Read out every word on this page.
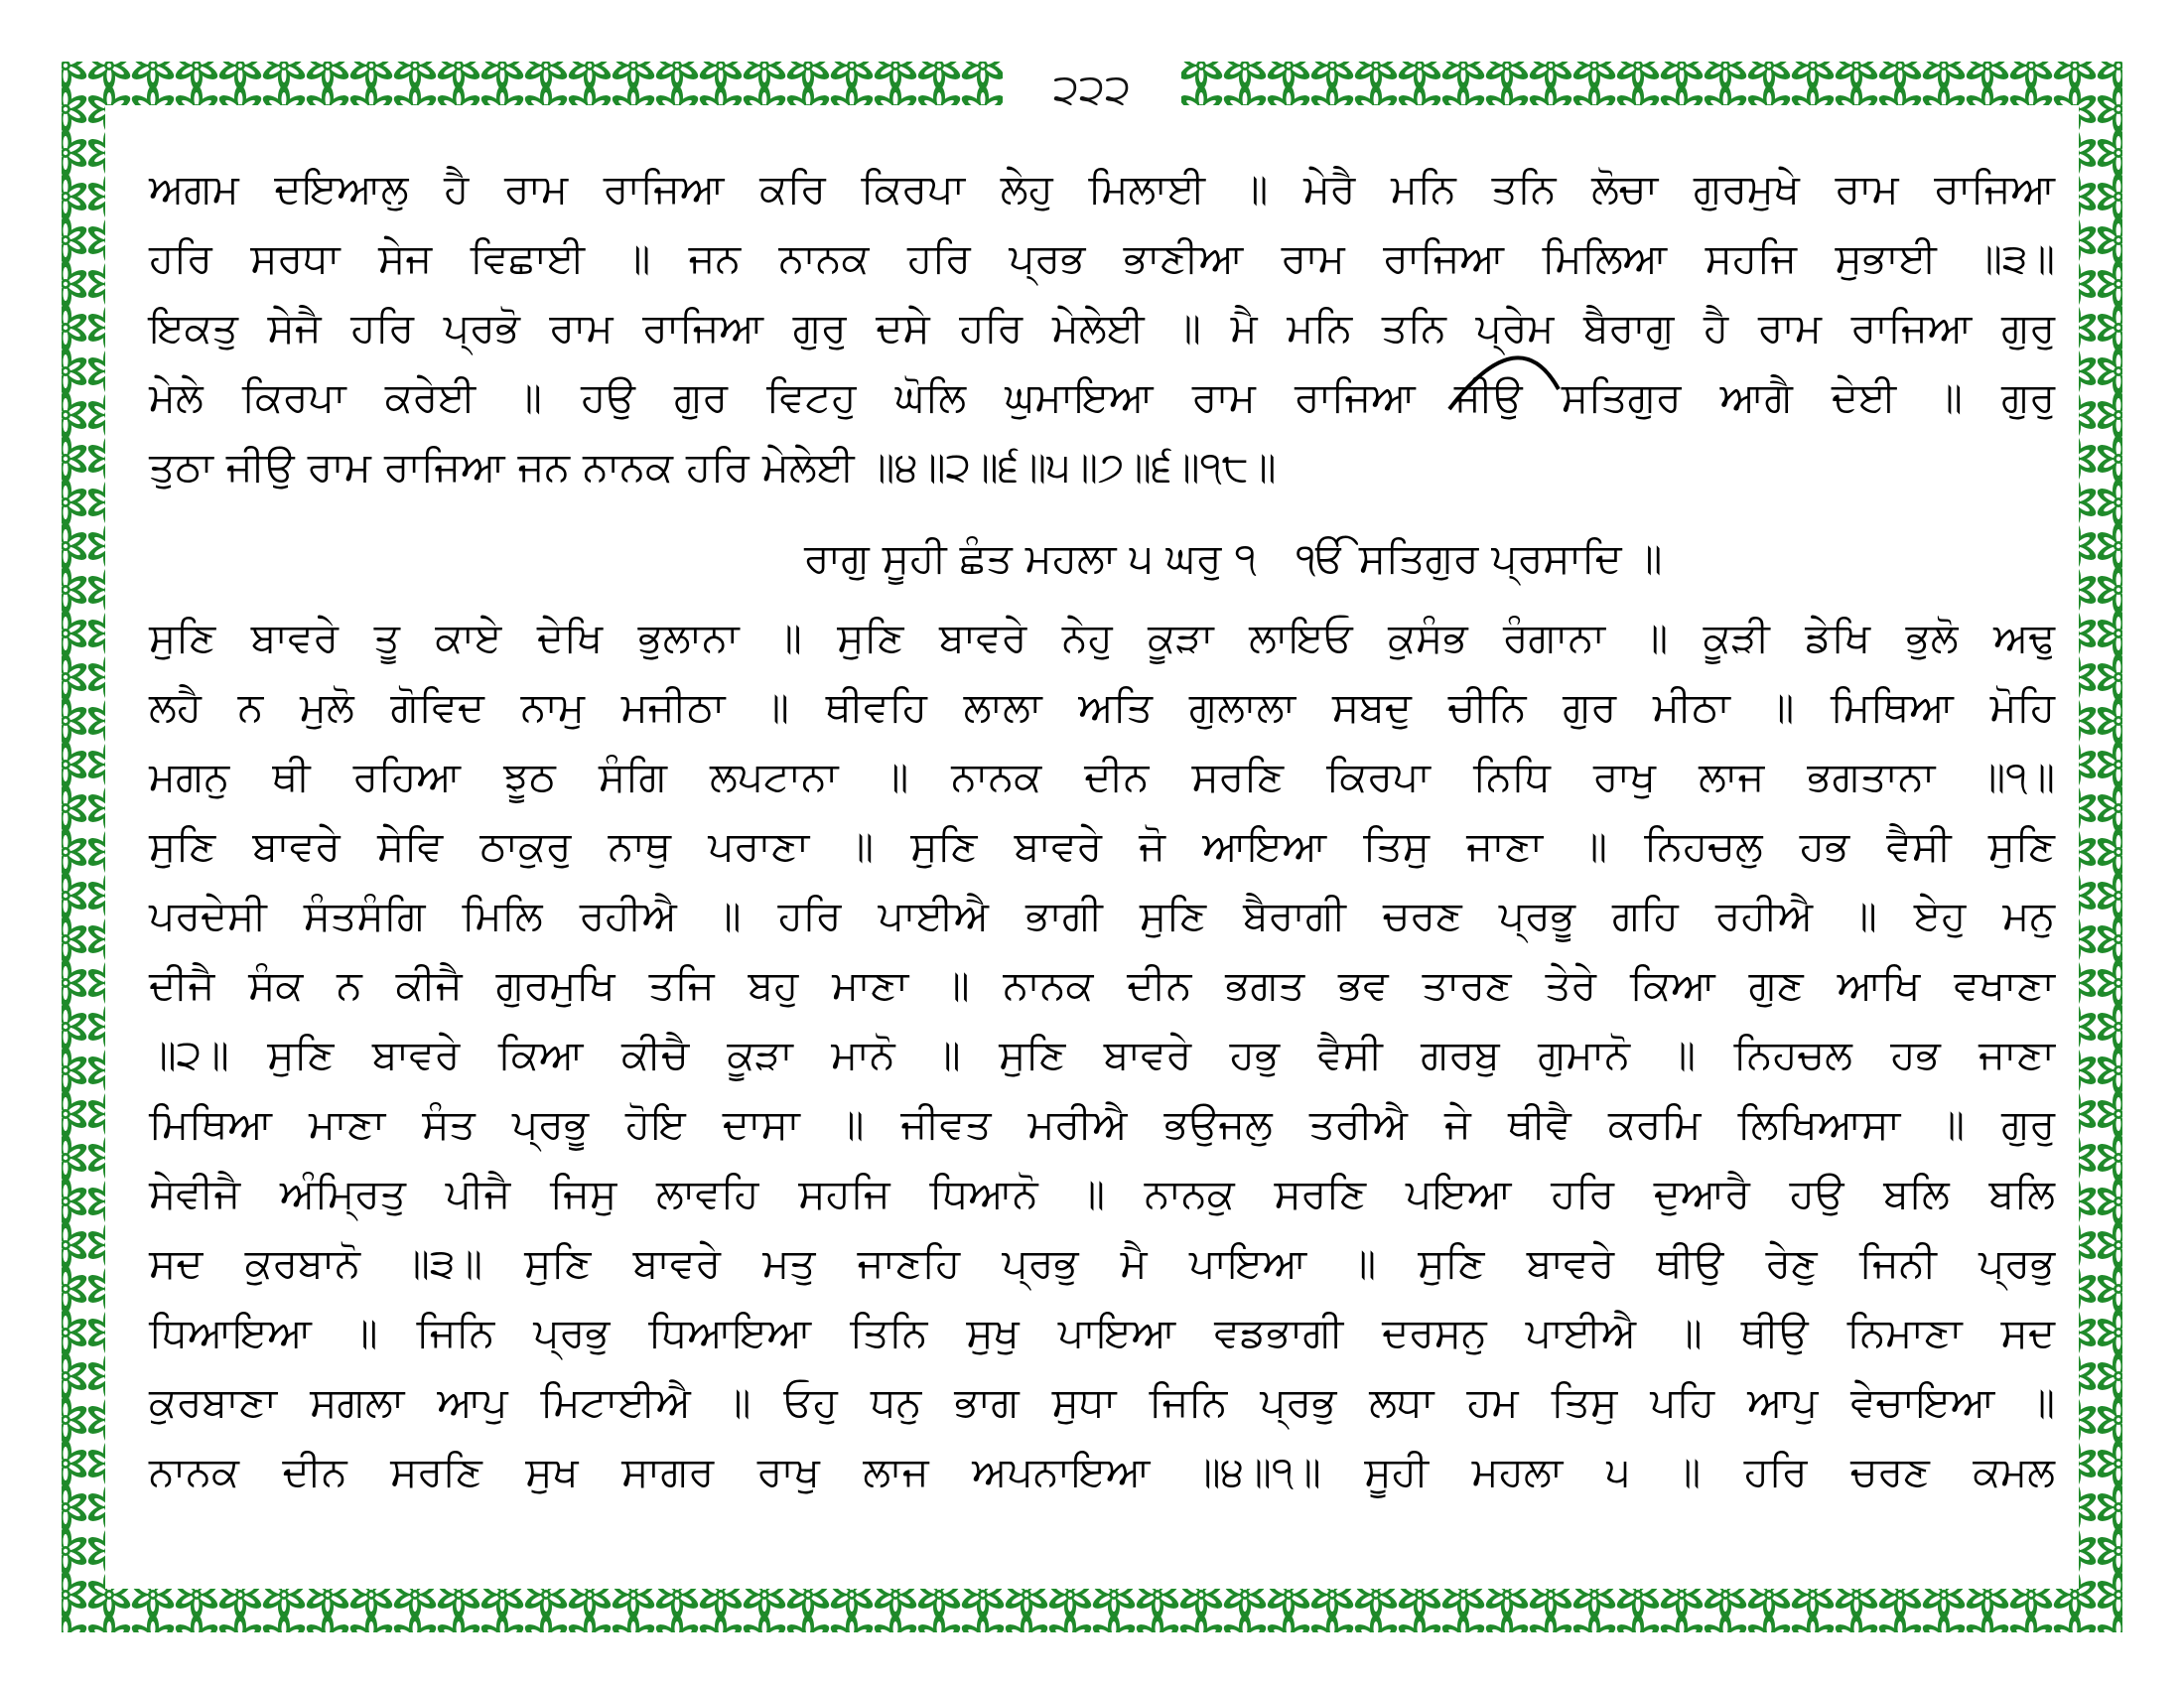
੨੨੨
ਅਗਮ ਦਇਆਲੁ ਹੈ ਰਾਮ ਰਾਜਿਆ ਕਰਿ ਕਿਰਪਾ ਲੇਹੁ ਮਿਲਾਈ ॥ ਮੇਰੈ ਮਨਿ ਤਨਿ ਲੋਚਾ ਗੁਰਮੁਖੇ ਰਾਮ ਰਾਜਿਆ
ਹਰਿ ਸਰਧਾ ਸੇਜ ਵਿਛਾਈ ॥ ਜਨ ਨਾਨਕ ਹਰਿ ਪ੍ਰਭ ਭਾਣੀਆ ਰਾਮ ਰਾਜਿਆ ਮਿਲਿਆ ਸਹਜਿ ਸੁਭਾਈ ॥੩॥
ਇਕਤੁ ਸੇਜੈ ਹਰਿ ਪ੍ਰਭੋ ਰਾਮ ਰਾਜਿਆ ਗੁਰੁ ਦਸੇ ਹਰਿ ਮੇਲੇਈ ॥ ਮੈ ਮਨਿ ਤਨਿ ਪ੍ਰੇਮ ਬੈਰਾਗੁ ਹੈ ਰਾਮ ਰਾਜਿਆ ਗੁਰੁ
ਮੇਲੇ ਕਿਰਪਾ ਕਰੇਈ ॥ ਹਉ ਗੁਰ ਵਿਟਹੁ ਘੋਲਿ ਘੁਮਾਇਆ ਰਾਮ ਰਾਜਿਆ ਜੀਉ ਸਤਿਗੁਰ ਆਗੈ ਦੇਈ ॥ ਗੁਰੁ
ਤੁਠਾ ਜੀਉ ਰਾਮ ਰਾਜਿਆ ਜਨ ਨਾਨਕ ਹਰਿ ਮੇਲੇਈ ॥੪॥੨॥੬॥੫॥੭॥੬॥੧੮॥
ਰਾਗੁ ਸੂਹੀ ਛੰਤ ਮਹਲਾ ੫ ਘਰੁ ੧ ੴ ਸਤਿਗੁਰ ਪ੍ਰਸਾਦਿ ॥
ਸੁਣਿ ਬਾਵਰੇ ਤੂ ਕਾਏ ਦੇਖਿ ਭੁਲਾਨਾ ॥ ਸੁਣਿ ਬਾਵਰੇ ਨੇਹੁ ਕੂੜਾ ਲਾਇਓ ਕੁਸੰਭ ਰੰਗਾਨਾ ॥ ਕੂੜੀ ਡੇਖਿ ਭੁਲੋ ਅਢੁ
ਲਹੈ ਨ ਮੁਲੋ ਗੋਵਿਦ ਨਾਮੁ ਮਜੀਠਾ ॥ ਥੀਵਹਿ ਲਾਲਾ ਅਤਿ ਗੁਲਾਲਾ ਸਬਦੁ ਚੀਨਿ ਗੁਰ ਮੀਠਾ ॥ ਮਿਥਿਆ ਮੋਹਿ
ਮਗਨੁ ਥੀ ਰਹਿਆ ਝੂਠ ਸੰਗਿ ਲਪਟਾਨਾ ॥ ਨਾਨਕ ਦੀਨ ਸਰਣਿ ਕਿਰਪਾ ਨਿਧਿ ਰਾਖੁ ਲਾਜ ਭਗਤਾਨਾ ॥੧॥
ਸੁਣਿ ਬਾਵਰੇ ਸੇਵਿ ਠਾਕੁਰੁ ਨਾਥੁ ਪਰਾਣਾ ॥ ਸੁਣਿ ਬਾਵਰੇ ਜੋ ਆਇਆ ਤਿਸੁ ਜਾਣਾ ॥ ਨਿਹਚਲੁ ਹਭ ਵੈਸੀ ਸੁਣਿ
ਪਰਦੇਸੀ ਸੰਤਸੰਗਿ ਮਿਲਿ ਰਹੀਐ ॥ ਹਰਿ ਪਾਈਐ ਭਾਗੀ ਸੁਣਿ ਬੈਰਾਗੀ ਚਰਣ ਪ੍ਰਭੂ ਗਹਿ ਰਹੀਐ ॥ ਏਹੁ ਮਨੁ
ਦੀਜੈ ਸੰਕ ਨ ਕੀਜੈ ਗੁਰਮੁਖਿ ਤਜਿ ਬਹੁ ਮਾਣਾ ॥ ਨਾਨਕ ਦੀਨ ਭਗਤ ਭਵ ਤਾਰਣ ਤੇਰੇ ਕਿਆ ਗੁਣ ਆਖਿ ਵਖਾਣਾ
॥੨॥ ਸੁਣਿ ਬਾਵਰੇ ਕਿਆ ਕੀਚੈ ਕੂੜਾ ਮਾਨੋ ॥ ਸੁਣਿ ਬਾਵਰੇ ਹਭੁ ਵੈਸੀ ਗਰਬੁ ਗੁਮਾਨੋ ॥ ਨਿਹਚਲ ਹਭ ਜਾਣਾ
ਮਿਥਿਆ ਮਾਣਾ ਸੰਤ ਪ੍ਰਭੂ ਹੋਇ ਦਾਸਾ ॥ ਜੀਵਤ ਮਰੀਐ ਭਉਜਲੁ ਤਰੀਐ ਜੇ ਥੀਵੈ ਕਰਮਿ ਲਿਖਿਆਸਾ ॥ ਗੁਰੁ
ਸੇਵੀਜੈ ਅੰਮ੍ਰਿਤੁ ਪੀਜੈ ਜਿਸੁ ਲਾਵਹਿ ਸਹਜਿ ਧਿਆਨੋ ॥ ਨਾਨਕੁ ਸਰਣਿ ਪਇਆ ਹਰਿ ਦੁਆਰੈ ਹਉ ਬਲਿ ਬਲਿ
ਸਦ ਕੁਰਬਾਨੋ ॥੩॥ ਸੁਣਿ ਬਾਵਰੇ ਮਤੁ ਜਾਣਹਿ ਪ੍ਰਭੁ ਮੈ ਪਾਇਆ ॥ ਸੁਣਿ ਬਾਵਰੇ ਥੀਉ ਰੇਣੁ ਜਿਨੀ ਪ੍ਰਭੁ
ਧਿਆਇਆ ॥ ਜਿਨਿ ਪ੍ਰਭੁ ਧਿਆਇਆ ਤਿਨਿ ਸੁਖੁ ਪਾਇਆ ਵਡਭਾਗੀ ਦਰਸਨੁ ਪਾਈਐ ॥ ਥੀਉ ਨਿਮਾਣਾ ਸਦ
ਕੁਰਬਾਣਾ ਸਗਲਾ ਆਪੁ ਮਿਟਾਈਐ ॥ ਓਹੁ ਧਨੁ ਭਾਗ ਸੁਧਾ ਜਿਨਿ ਪ੍ਰਭੁ ਲਧਾ ਹਮ ਤਿਸੁ ਪਹਿ ਆਪੁ ਵੇਚਾਇਆ ॥
ਨਾਨਕ ਦੀਨ ਸਰਣਿ ਸੁਖ ਸਾਗਰ ਰਾਖੁ ਲਾਜ ਅਪਨਾਇਆ ॥੪॥੧॥ ਸੂਹੀ ਮਹਲਾ ੫ ॥ ਹਰਿ ਚਰਣ ਕਮਲ
